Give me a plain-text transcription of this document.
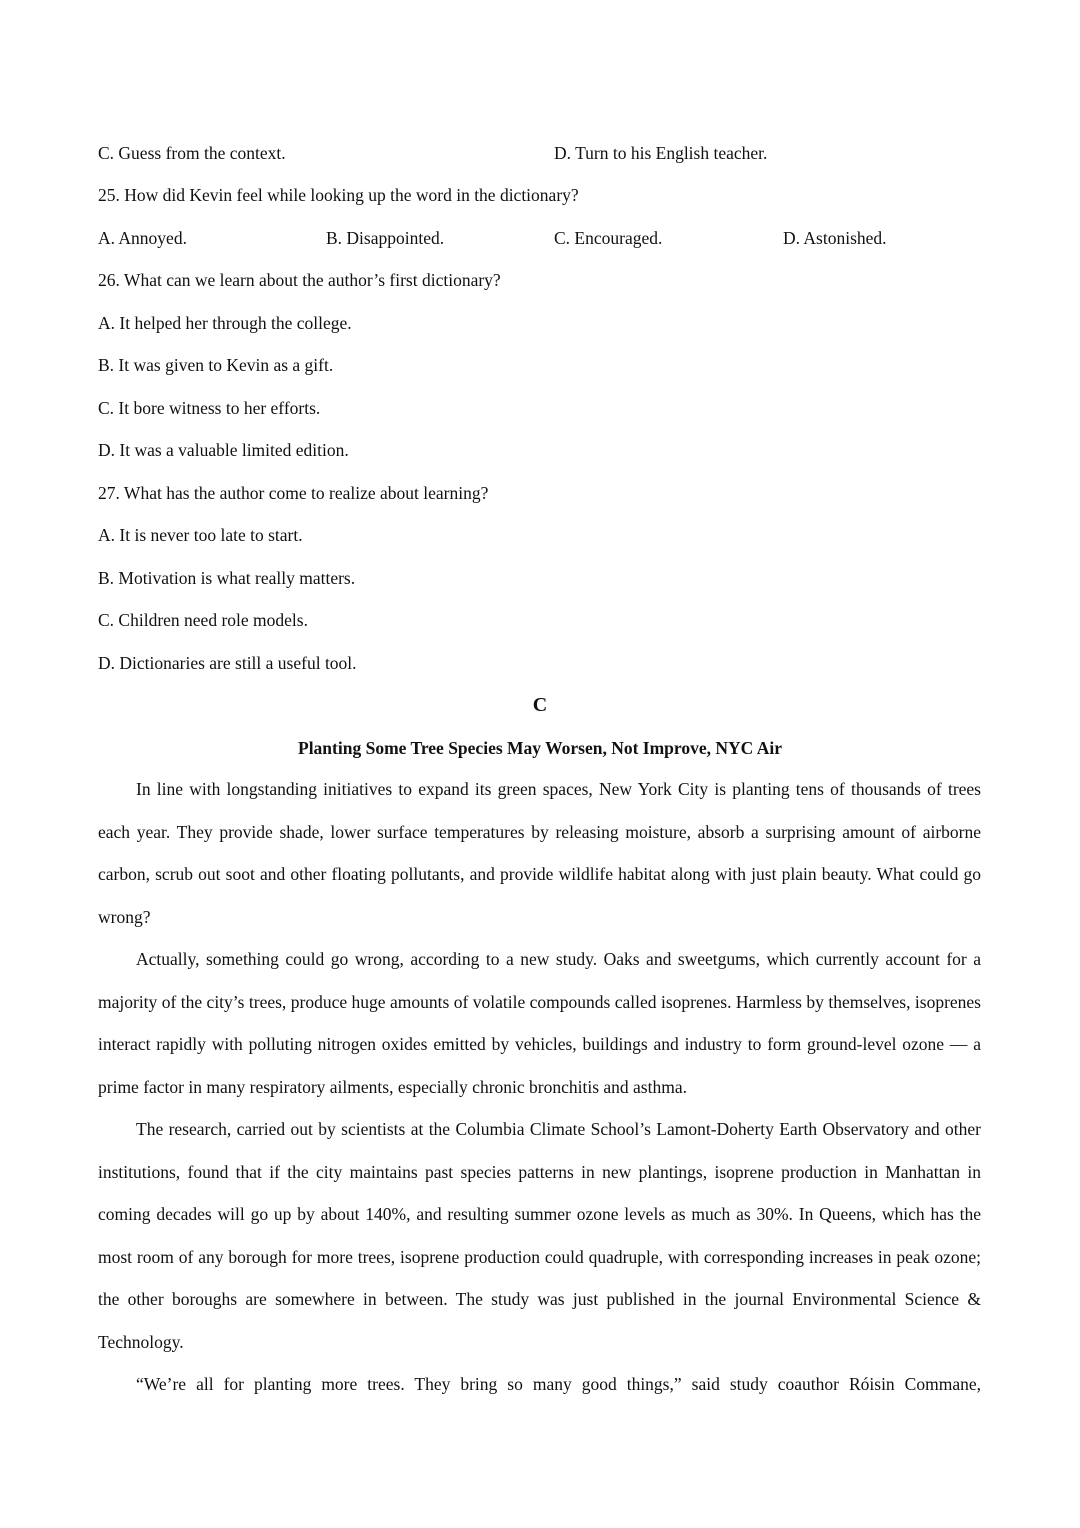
C. Guess from the context.	D. Turn to his English teacher.
25. How did Kevin feel while looking up the word in the dictionary?
A. Annoyed.	B. Disappointed.	C. Encouraged.	D. Astonished.
26. What can we learn about the author’s first dictionary?
A. It helped her through the college.
B. It was given to Kevin as a gift.
C. It bore witness to her efforts.
D. It was a valuable limited edition.
27. What has the author come to realize about learning?
A. It is never too late to start.
B. Motivation is what really matters.
C. Children need role models.
D. Dictionaries are still a useful tool.
C
Planting Some Tree Species May Worsen, Not Improve, NYC Air

In line with longstanding initiatives to expand its green spaces, New York City is planting tens of thousands of trees each year. They provide shade, lower surface temperatures by releasing moisture, absorb a surprising amount of airborne carbon, scrub out soot and other floating pollutants, and provide wildlife habitat along with just plain beauty. What could go wrong?

Actually, something could go wrong, according to a new study. Oaks and sweetgums, which currently account for a majority of the city’s trees, produce huge amounts of volatile compounds called isoprenes. Harmless by themselves, isoprenes interact rapidly with polluting nitrogen oxides emitted by vehicles, buildings and industry to form ground-level ozone — a prime factor in many respiratory ailments, especially chronic bronchitis and asthma.

The research, carried out by scientists at the Columbia Climate School’s Lamont-Doherty Earth Observatory and other institutions, found that if the city maintains past species patterns in new plantings, isoprene production in Manhattan in coming decades will go up by about 140%, and resulting summer ozone levels as much as 30%. In Queens, which has the most room of any borough for more trees, isoprene production could quadruple, with corresponding increases in peak ozone; the other boroughs are somewhere in between. The study was just published in the journal Environmental Science & Technology.

“We’re all for planting more trees. They bring so many good things,” said study coauthor Róisin Commane,
